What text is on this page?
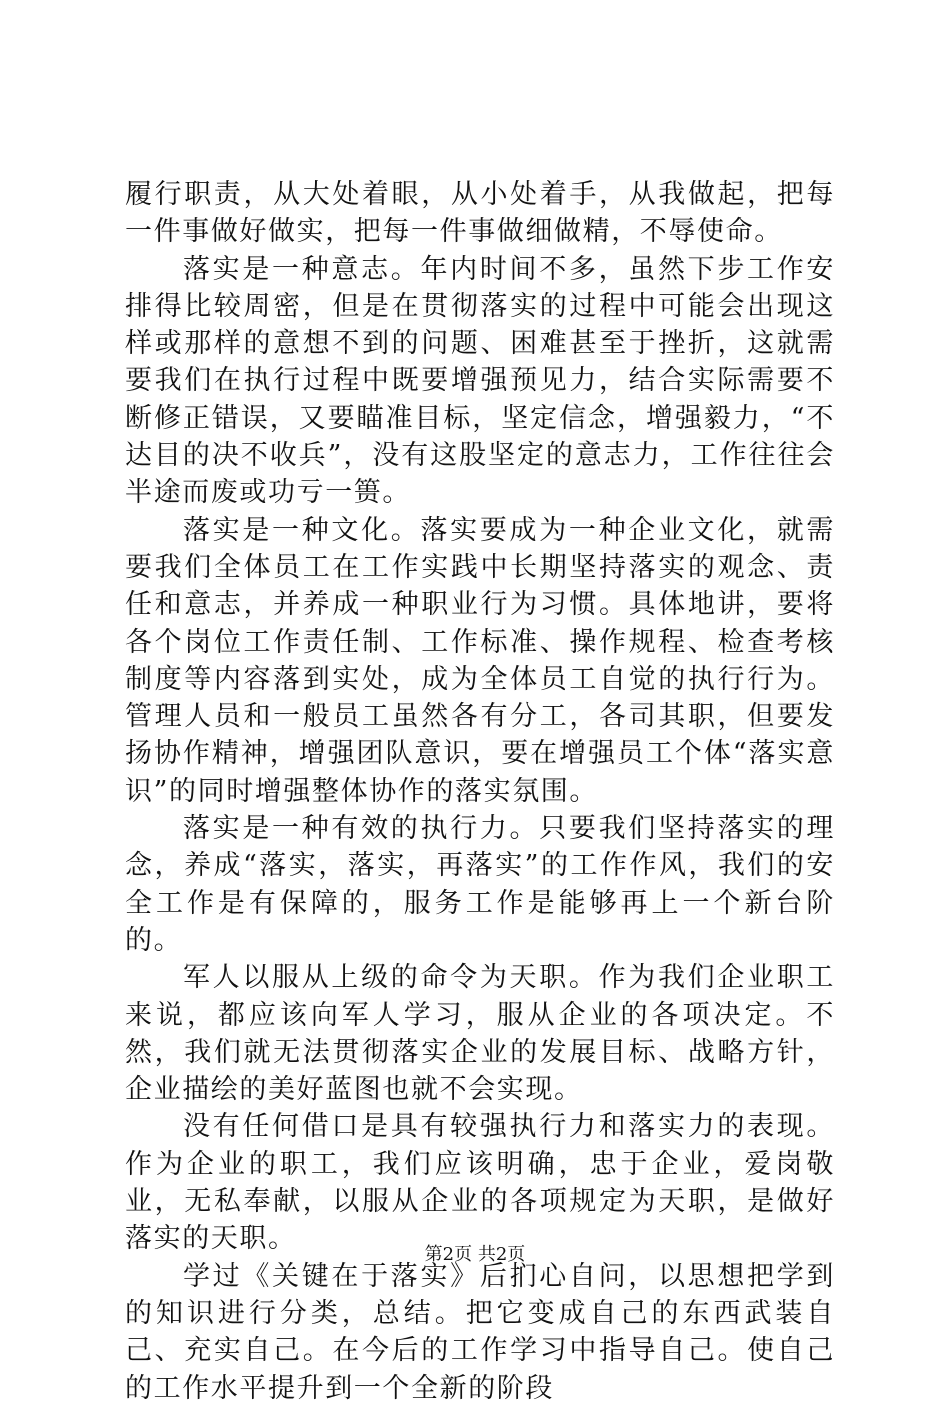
履行职责，从大处着眼，从小处着手，从我做起，把每一件事做好做实，把每一件事做细做精，不辱使命。

落实是一种意志。年内时间不多，虽然下步工作安排得比较周密，但是在贯彻落实的过程中可能会出现这样或那样的意想不到的问题、困难甚至于挫折，这就需要我们在执行过程中既要增强预见力，结合实际需要不断修正错误，又要瞄准目标，坚定信念，增强毅力，“不达目的决不收兵”，没有这股坚定的意志力，工作往往会半途而废或功亏一篑。

落实是一种文化。落实要成为一种企业文化，就需要我们全体员工在工作实践中长期坚持落实的观念、责任和意志，并养成一种职业行为习惯。具体地讲，要将各个岗位工作责任制、工作标准、操作规程、检查考核制度等内容落到实处，成为全体员工自觉的执行行为。管理人员和一般员工虽然各有分工，各司其职，但要发扬协作精神，增强团队意识，要在增强员工个体“落实意识”的同时增强整体协作的落实氛围。

落实是一种有效的执行力。只要我们坚持落实的理念，养成“落实，落实，再落实”的工作作风，我们的安全工作是有保障的，服务工作是能够再上一个新台阶的。

军人以服从上级的命令为天职。作为我们企业职工来说，都应该向军人学习，服从企业的各项决定。不然，我们就无法贯彻落实企业的发展目标、战略方针，企业描绘的美好蓝图也就不会实现。

没有任何借口是具有较强执行力和落实力的表现。作为企业的职工，我们应该明确，忠于企业，爱岗敬业，无私奉献，以服从企业的各项规定为天职，是做好落实的天职。

学过《关键在于落实》后扪心自问，以思想把学到的知识进行分类，总结。把它变成自己的东西武装自己、充实自己。在今后的工作学习中指导自己。使自己的工作水平提升到一个全新的阶段

第2页 共2页
